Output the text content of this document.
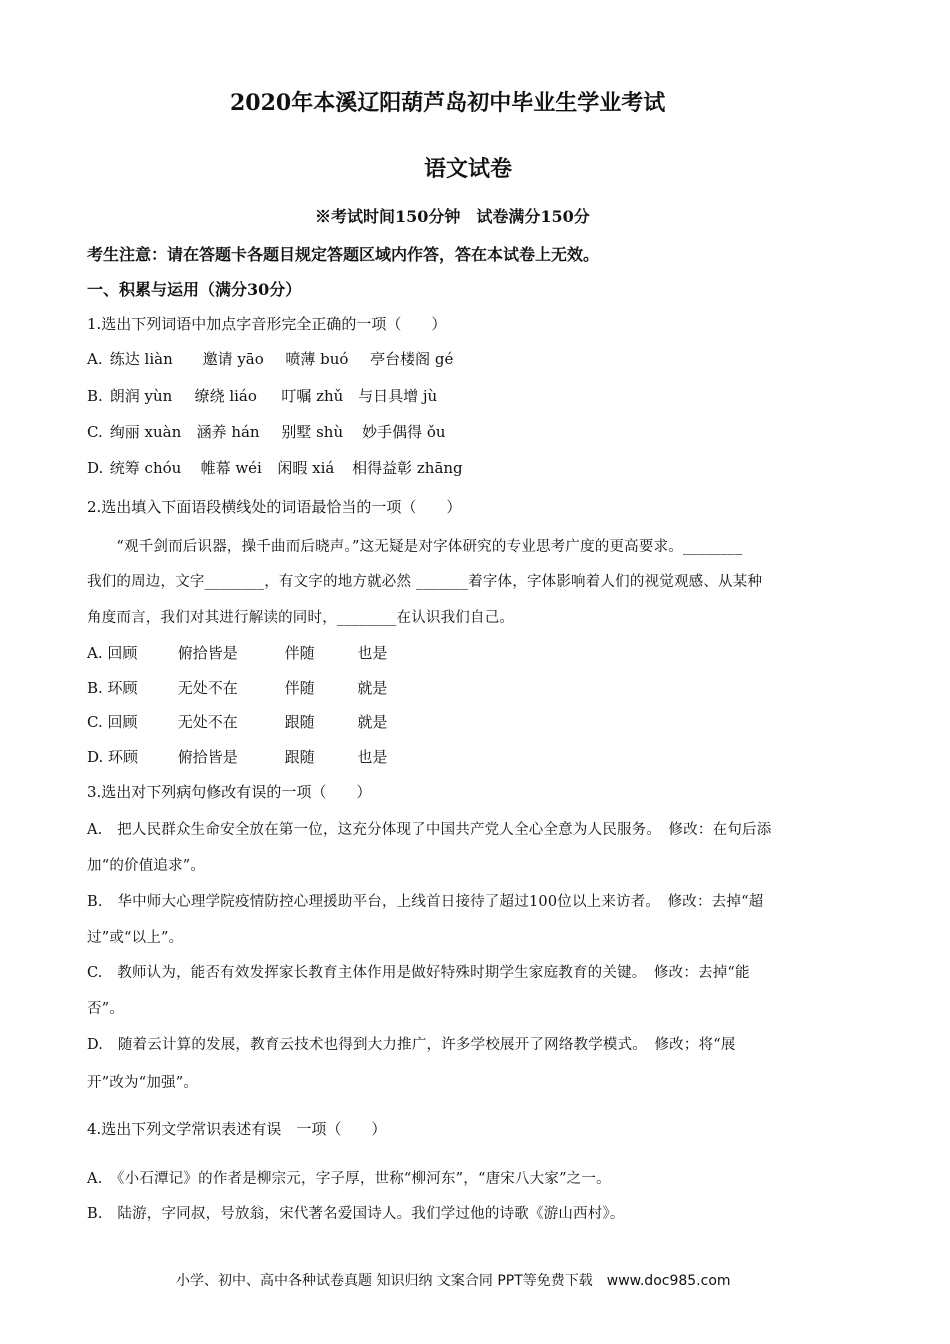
2020年本溪辽阳葫芦岛初中毕业生学业考试
语文试卷
※考试时间150分钟　试卷满分150分
考生注意：请在答题卡各题目规定答题区域内作答，答在本试卷上无效。
一、积累与运用（满分30分）
1.选出下列词语中加点字音形完全正确的一项（　　）
A. 练达 liàn 邀请 yāo 喷薄 buó 亭台楼阁 gé
B. 朗润 yùn 缭绕 liáo 叮嘱 zhǔ 与日具增 jù
C. 绚丽 xuàn 涵养 hán 别墅 shù 妙手偶得 ǒu
D. 统筹 chóu 帷幕 wéi 闲暇 xiá 相得益彰 zhāng
2.选出填入下面语段横线处的词语最恰当的一项（　　）
　　“观千剑而后识器，操千曲而后晓声。”这无疑是对字体研究的专业思考广度的更高要求。________
我们的周边，文字________，有文字的地方就必然 _______着字体，字体影响着人们的视觉观感、从某种
角度而言，我们对其进行解读的同时，________在认识我们自己。
A. 回顾	俯拾皆是	伴随	也是
B. 环顾	无处不在	伴随	就是
C. 回顾	无处不在	跟随	就是
D. 环顾	俯拾皆是	跟随	也是
3.选出对下列病句修改有误的一项（　　）
A.　把人民群众生命安全放在第一位，这充分体现了中国共产党人全心全意为人民服务。　修改：在句后添
加“的价值追求”。
B.　华中师大心理学院疫情防控心理援助平台，上线首日接待了超过100位以上来访者。　修改：去掉“超
过”或“以上”。
C.　教师认为，能否有效发挥家长教育主体作用是做好特殊时期学生家庭教育的关键。　修改：去掉“能
否”。
D.　随着云计算的发展，教育云技术也得到大力推广，许多学校展开了网络教学模式。　修改；将“展
开”改为“加强”。
4.选出下列文学常识表述有误　一项（　　）
A.　《小石潭记》的作者是柳宗元，字子厚，世称“柳河东”，“唐宋八大家”之一。
B.　陆游，字同叔，号放翁，宋代著名爱国诗人。我们学过他的诗歌《游山西村》。
小学、初中、高中各种试卷真题 知识归纳 文案合同 PPT等免费下载　www.doc985.com
